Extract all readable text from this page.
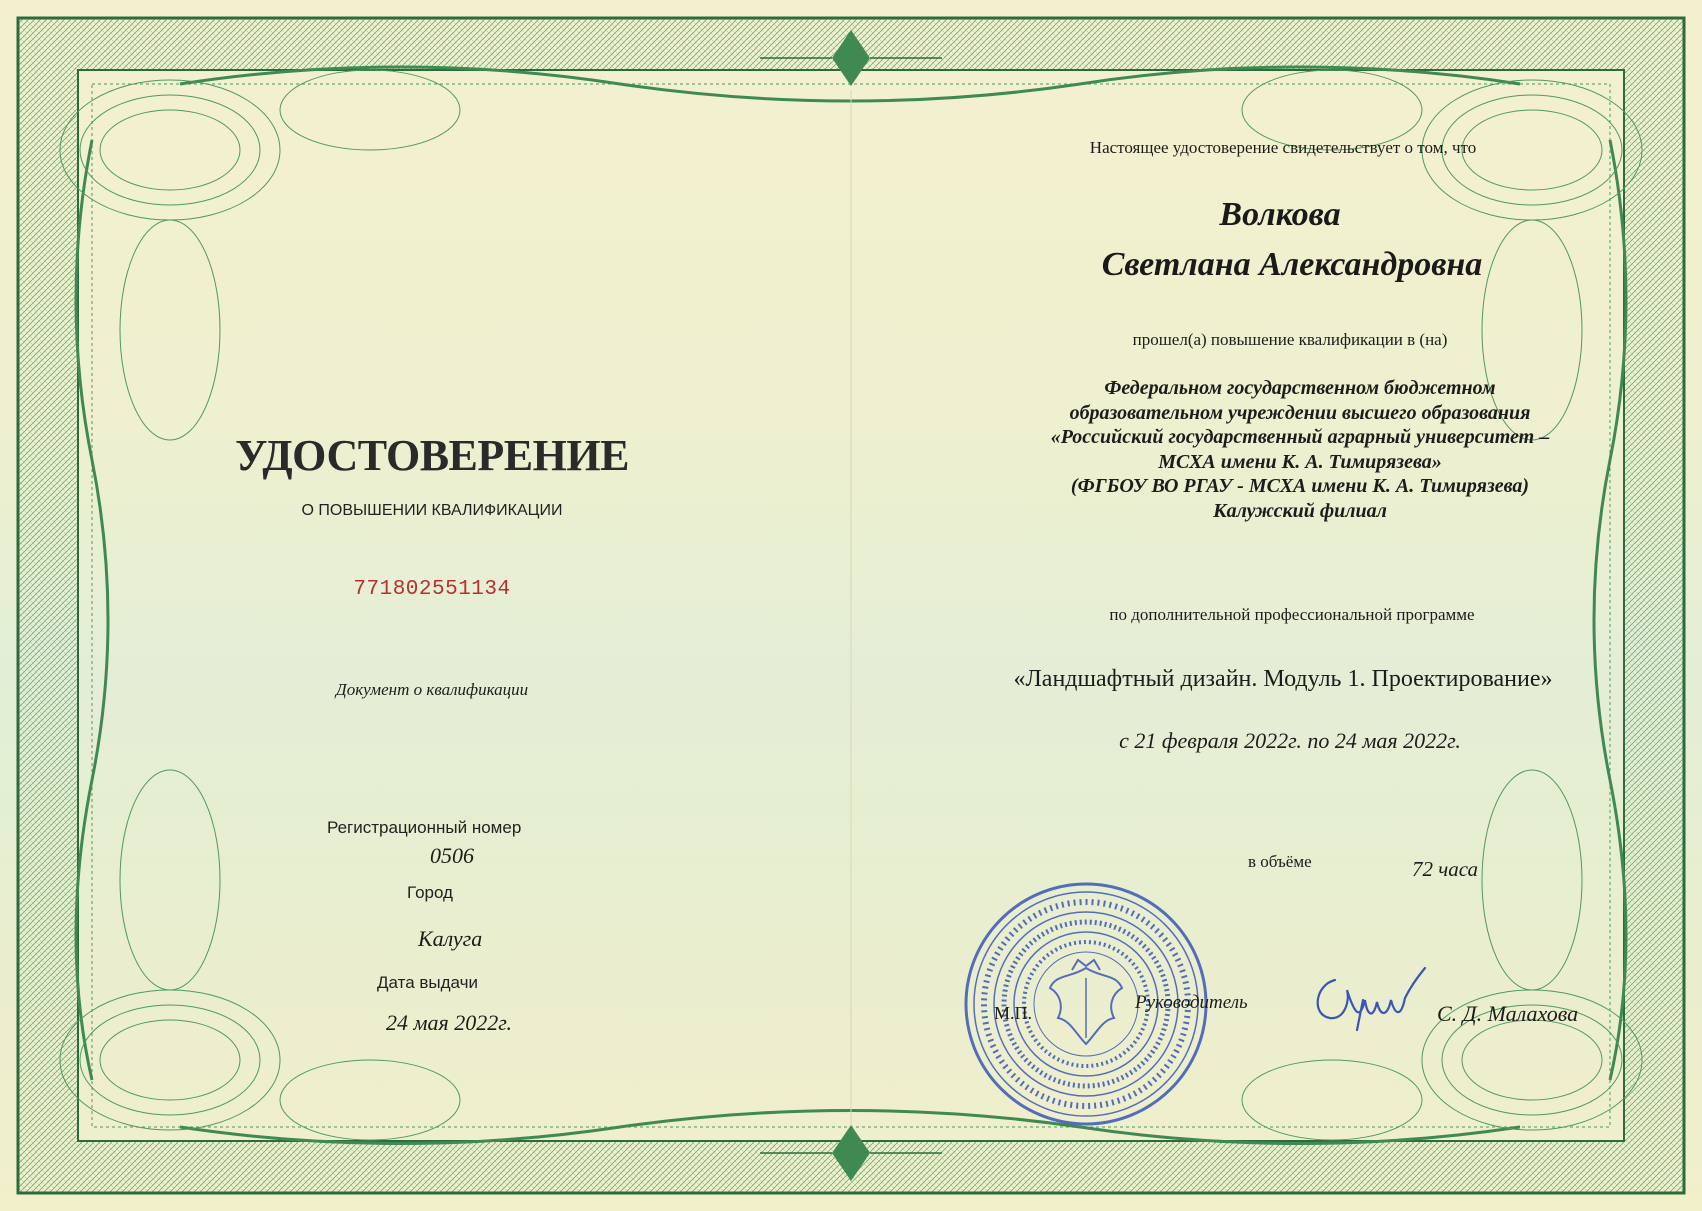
УДОСТОВЕРЕНИЕ
О ПОВЫШЕНИИ КВАЛИФИКАЦИИ
771802551134
Документ о квалификации
Регистрационный номер
0506
Город
Калуга
Дата выдачи
24 мая 2022г.
Настоящее удостоверение свидетельствует о том, что
Волкова
Светлана Александровна
прошел(а) повышение квалификации в (на)
Федеральном государственном бюджетном
образовательном учреждении высшего образования
«Российский государственный аграрный университет –
МСХА имени К. А. Тимирязева»
(ФГБОУ ВО РГАУ - МСХА имени К. А. Тимирязева)
Калужский филиал
по дополнительной профессиональной программе
«Ландшафтный дизайн. Модуль 1. Проектирование»
с 21 февраля 2022г. по 24 мая 2022г.
в объёме	72 часа
М.П.	Руководитель	С. Д. Малахова
